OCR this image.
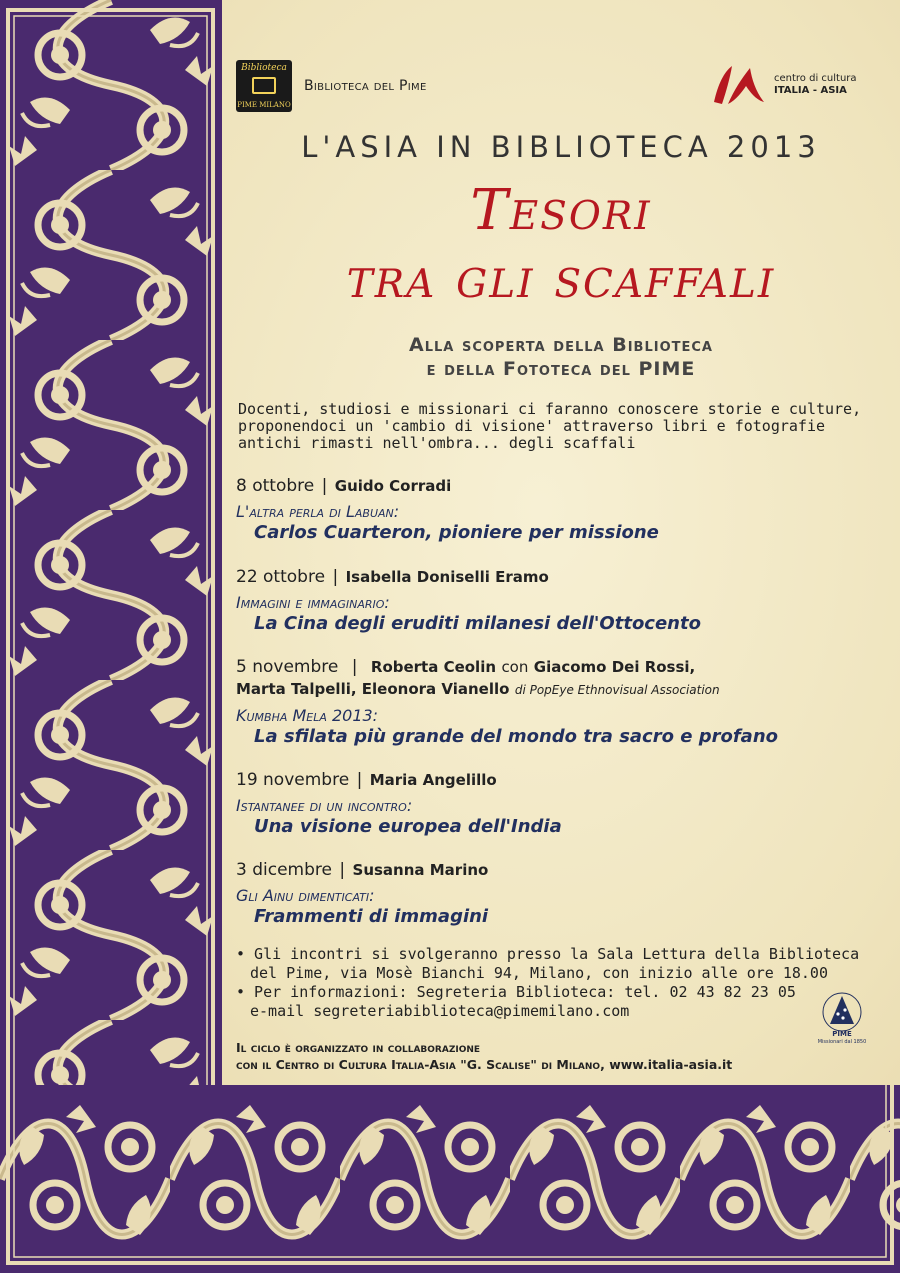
Biblioteca
PIME MILANO
Biblioteca del Pime	centro di cultura
ITALIA - ASIA
L'ASIA IN BIBLIOTECA 2013
Tesori
tra gli scaffali
Alla scoperta della Biblioteca
e della Fototeca del PIME
Docenti, studiosi e missionari ci faranno conoscere storie e culture, proponendoci un 'cambio di visione' attraverso libri e fotografie antichi rimasti nell'ombra... degli scaffali
8 ottobre | Guido Corradi
L'altra perla di Labuan:
Carlos Cuarteron, pioniere per missione
22 ottobre | Isabella Doniselli Eramo
Immagini e immaginario:
La Cina degli eruditi milanesi dell'Ottocento
5 novembre | Roberta Ceolin con Giacomo Dei Rossi,
Marta Talpelli, Eleonora Vianello di PopEye Ethnovisual Association
Kumbha Mela 2013:
La sfilata più grande del mondo tra sacro e profano
19 novembre | Maria Angelillo
Istantanee di un incontro:
Una visione europea dell'India
3 dicembre | Susanna Marino
Gli Ainu dimenticati:
Frammenti di immagini
• Gli incontri si svolgeranno presso la Sala Lettura della Biblioteca del Pime, via Mosè Bianchi 94, Milano, con inizio alle ore 18.00
• Per informazioni: Segreteria Biblioteca: tel. 02 43 82 23 05
e-mail segreteriabiblioteca@pimemilano.com
PIME
Missionari dal 1850
Il ciclo è organizzato in collaborazione
con il Centro di Cultura Italia-Asia "G. Scalise" di Milano, www.italia-asia.it
